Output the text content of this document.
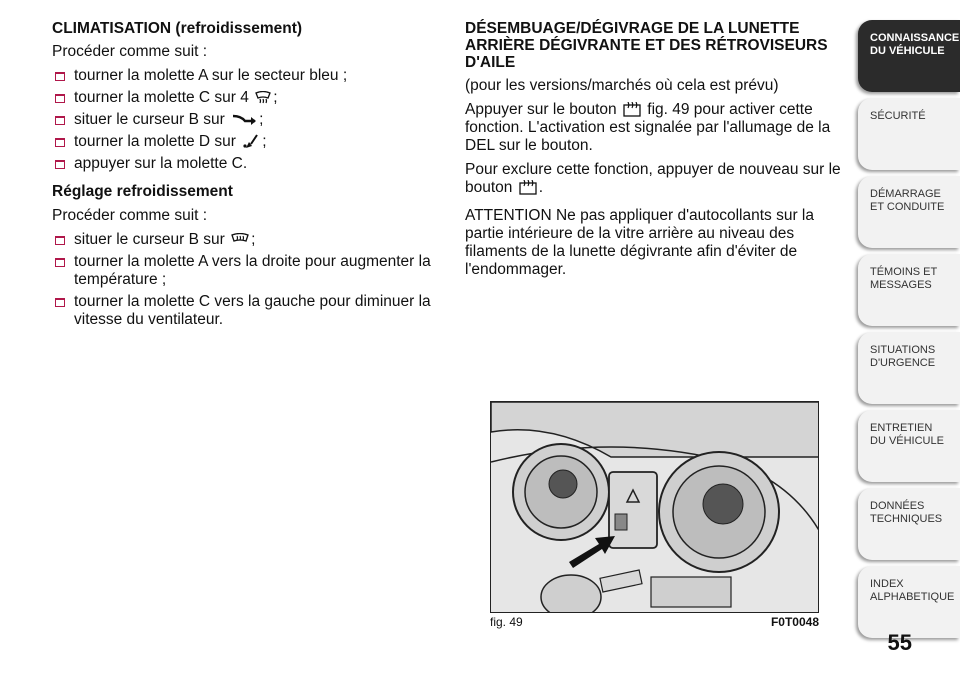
CLIMATISATION (refroidissement)

Procéder comme suit :

tourner la molette A sur le secteur bleu ;
tourner la molette C sur 4 ;
situer le curseur B sur ;
tourner la molette D sur ;
appuyer sur la molette C.
Réglage refroidissement

Procéder comme suit :

situer le curseur B sur ;
tourner la molette A vers la droite pour augmenter la température ;
tourner la molette C vers la gauche pour diminuer la vitesse du ventilateur.
DÉSEMBUAGE/DÉGIVRAGE DE LA LUNETTE ARRIÈRE DÉGIVRANTE ET DES RÉTROVISEURS D'AILE

(pour les versions/marchés où cela est prévu)

Appuyer sur le bouton fig. 49 pour activer cette fonction. L'activation est signalée par l'allumage de la DEL sur le bouton.

Pour exclure cette fonction, appuyer de nouveau sur le bouton .

ATTENTION Ne pas appliquer d'autocollants sur la partie intérieure de la vitre arrière au niveau des filaments de la lunette dégivrante afin d'éviter de l'endommager.

fig. 49	F0T0048
CONNAISSANCE DU VÉHICULE
SÉCURITÉ
DÉMARRAGE ET CONDUITE
TÉMOINS ET MESSAGES
SITUATIONS D'URGENCE
ENTRETIEN DU VÉHICULE
DONNÉES TECHNIQUES
INDEX ALPHABETIQUE
55
